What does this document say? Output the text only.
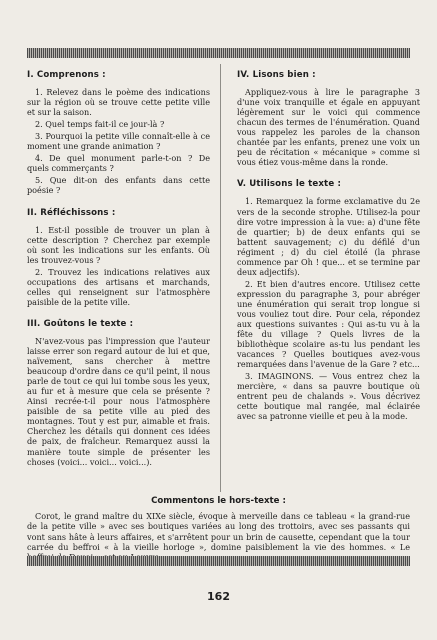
I. Comprenons :

1. Relevez dans le poème des indications sur la région où se trouve cette petite ville et sur la saison.

2. Quel temps fait-il ce jour-là ?

3. Pourquoi la petite ville connaît-elle à ce moment une grande animation ?

4. De quel monument parle-t-on ? De quels commerçants ?

5. Que dit-on des enfants dans cette poésie ?

II. Réfléchissons :

1. Est-il possible de trouver un plan à cette description ? Cherchez par exemple où sont les indications sur les enfants. Où les trouvez-vous ?

2. Trouvez les indications relatives aux occupations des artisans et marchands, celles qui renseignent sur l'atmosphère paisible de la petite ville.

III. Goûtons le texte :

N'avez-vous pas l'impression que l'auteur laisse errer son regard autour de lui et que, naïvement, sans chercher à mettre beaucoup d'ordre dans ce qu'il peint, il nous parle de tout ce qui lui tombe sous les yeux, au fur et à mesure que cela se présente ? Ainsi recrée-t-il pour nous l'atmosphère paisible de sa petite ville au pied des montagnes. Tout y est pur, aimable et frais. Cherchez les détails qui donnent ces idées de paix, de fraîcheur. Remarquez aussi la manière toute simple de présenter les choses (voici... voici... voici...).

IV. Lisons bien :

Appliquez-vous à lire le paragraphe 3 d'une voix tranquille et égale en appuyant légèrement sur le voici qui commence chacun des termes de l'énumération. Quand vous rappelez les paroles de la chanson chantée par les enfants, prenez une voix un peu de récitation « mécanique » comme si vous étiez vous-même dans la ronde.

V. Utilisons le texte :

1. Remarquez la forme exclamative du 2e vers de la seconde strophe. Utilisez-la pour dire votre impression à la vue: a) d'une fête de quartier; b) de deux enfants qui se battent sauvagement; c) du défilé d'un régiment ; d) du ciel étoilé (la phrase commence par Oh ! que... et se termine par deux adjectifs).

2. Et bien d'autres encore. Utilisez cette expression du paragraphe 3, pour abréger une énumération qui serait trop longue si vous vouliez tout dire. Pour cela, répondez aux questions suivantes : Qui as-tu vu à la fête du village ? Quels livres de la bibliothèque scolaire as-tu lus pendant les vacances ? Quelles boutiques avez-vous remarquées dans l'avenue de la Gare ? etc...

3. IMAGINONS. — Vous entrez chez la mercière, « dans sa pauvre boutique où entrent peu de chalands ». Vous décrivez cette boutique mal rangée, mal éclairée avec sa patronne vieille et peu à la mode.

Commentons le hors-texte :

Corot, le grand maître du XIXe siècle, évoque à merveille dans ce tableau « la grand-rue de la petite ville » avec ses boutiques variées au long des trottoirs, avec ses passants qui vont sans hâte à leurs affaires, et s'arrêtent pour un brin de causette, cependant que la tour carrée du beffroi « à la vieille horloge », domine paisiblement la vie des hommes. « Le

162
